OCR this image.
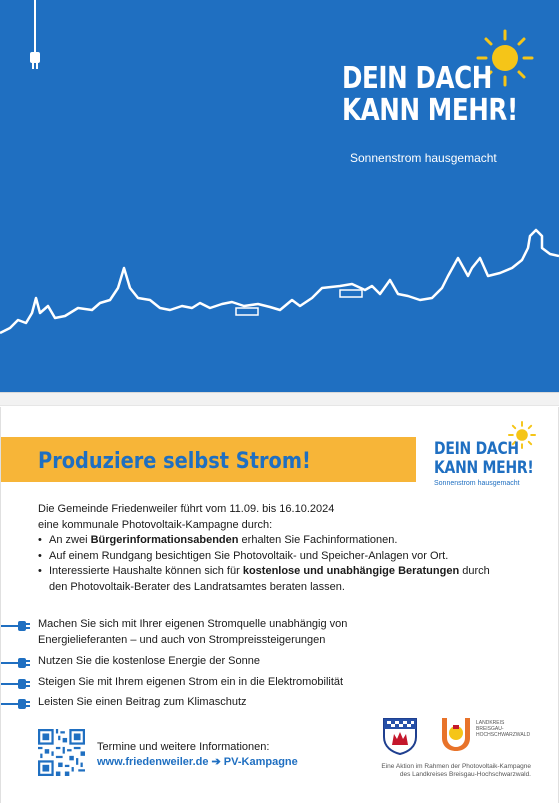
DEIN DACH
KANN MEHR!
Sonnenstrom hausgemacht
Produziere selbst Strom!	DEIN DACH
KANN MEHR!
Sonnenstrom hausgemacht
Die Gemeinde Friedenweiler führt vom 11.09. bis 16.10.2024
eine kommunale Photovoltaik-Kampagne durch:
• An zwei Bürgerinformationsabenden erhalten Sie Fachinformationen.
• Auf einem Rundgang besichtigen Sie Photovoltaik- und Speicher-Anlagen vor Ort.
• Interessierte Haushalte können sich für kostenlose und unabhängige Beratungen durch den Photovoltaik-Berater des Landratsamtes beraten lassen.
Machen Sie sich mit Ihrer eigenen Stromquelle unabhängig von Energielieferanten – und auch von Strompreissteigerungen
Nutzen Sie die kostenlose Energie der Sonne
Steigen Sie mit Ihrem eigenen Strom ein in die Elektromobilität
Leisten Sie einen Beitrag zum Klimaschutz
Termine und weitere Informationen:
www.friedenweiler.de ➔ PV-Kampagne
LANDKREIS
BREISGAU-
HOCHSCHWARZWALD
Eine Aktion im Rahmen der Photovoltaik-Kampagne
des Landkreises Breisgau-Hochschwarzwald.
